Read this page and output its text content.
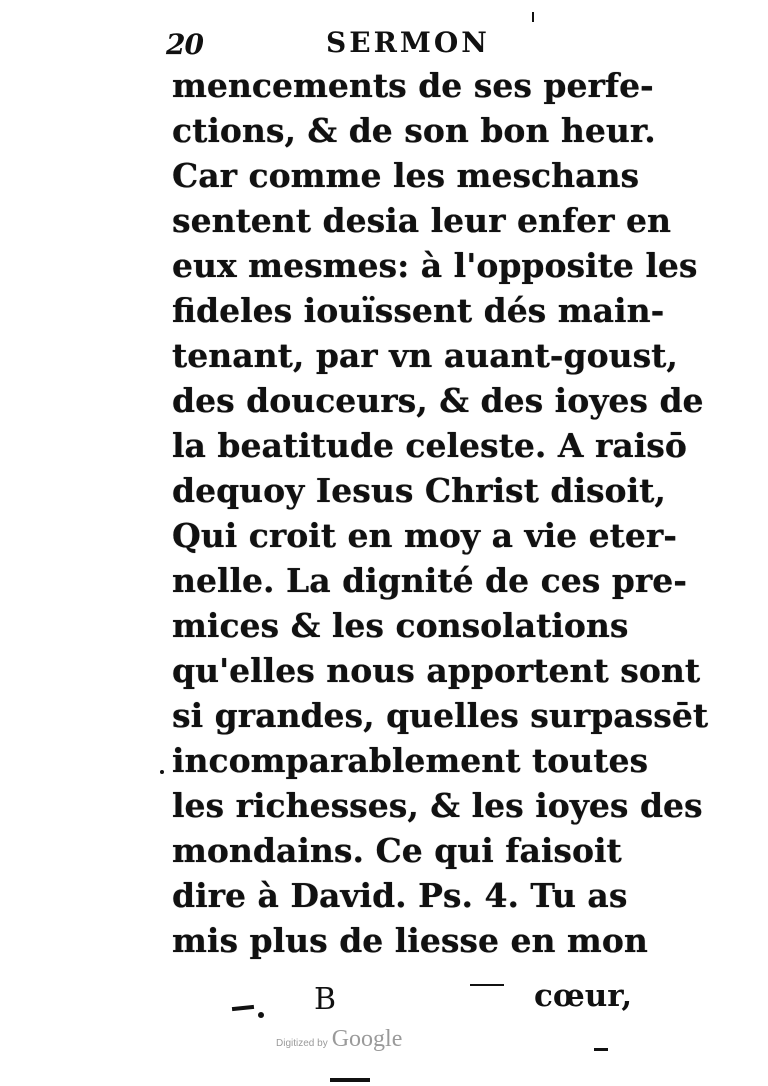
20	SERMON
mencements de ses perfe-
ctions, & de son bon heur.
Car comme les meschans
sentent desia leur enfer en
eux mesmes: à l'opposite les
fideles iouïssent dés main-
tenant, par vn auant-goust,
des douceurs, & des ioyes de
la beatitude celeste. A raisō
dequoy Iesus Christ disoit,
Qui croit en moy a vie eter-
nelle. La dignité de ces pre-
mices & les consolations
qu'elles nous apportent sont
si grandes, quelles surpassēt
incomparablement toutes
les richesses, & les ioyes des
mondains. Ce qui faisoit
dire à David. Ps. 4. Tu as
mis plus de liesse en mon
B	cœur,
Digitized by Google
